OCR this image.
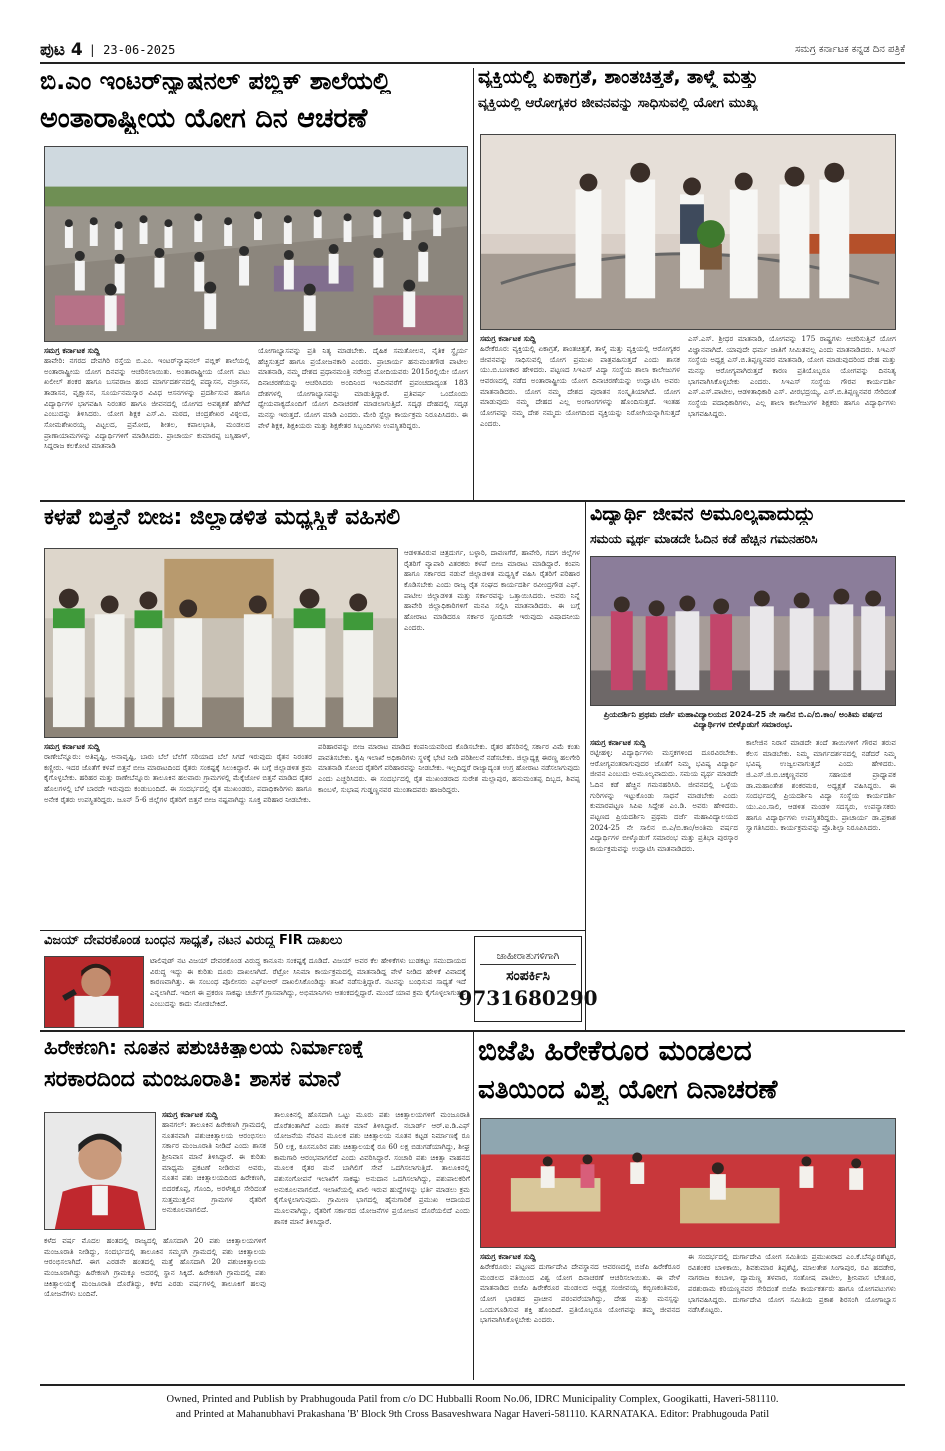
ಪುಟ 4 | 23-06-2025	ಸಮಗ್ರ ಕರ್ನಾಟಕ ಕನ್ನಡ ದಿನ ಪತ್ರಿಕೆ
ಬಿ.ಎಂ ಇಂಟರ್‌ನ್ಯಾಷನಲ್ ಪಬ್ಲಿಕ್ ಶಾಲೆಯಲ್ಲಿ
ಅಂತಾರಾಷ್ಟ್ರೀಯ ಯೋಗ ದಿನ ಆಚರಣೆ
ಸಮಗ್ರ ಕರ್ನಾಟಕ ಸುದ್ದಿ
ಹಾವೇರಿ: ನಗರದ ದೇವಗಿರಿ ರಸ್ತೆಯ ಬಿ.ಎಂ. ಇಂಟರ್‌ನ್ಯಾಷನಲ್ ಪಬ್ಲಿಕ್ ಶಾಲೆಯಲ್ಲಿ ಅಂತಾರಾಷ್ಟ್ರೀಯ ಯೋಗ ದಿನವನ್ನು ಆಚರಿಸಲಾಯಿತು. ಅಂತಾರಾಷ್ಟ್ರೀಯ ಯೋಗ ಪಟು ಖಲೀಲ್ ಶಂಕರ ಹಾಗೂ ಬಸವರಾಜ ಹಂದ ಮಾರ್ಗದರ್ಶನದಲ್ಲಿ ಪದ್ಮಾಸನ, ವಜ್ರಾಸನ, ತಾಡಾಸನ, ವೃಕ್ಷಾಸನ, ಸೂರ್ಯನಮಸ್ಕಾರ ವಿವಿಧ ಆಸನಗಳನ್ನು ಪ್ರದರ್ಶಿಸುವ ಹಾಗೂ ವಿದ್ಯಾರ್ಥಿಗಳ ಭಾಗವಹಿಸಿ ನಿರಂತರ ಹಾಗೂ ಜೀವನದಲ್ಲಿ ಯೋಗದ ಅವಶ್ಯಕತೆ ಹೇಗಿದೆ ಎಂಬುದನ್ನು ತಿಳಿಸಿದರು. ಯೋಗ ಶಿಕ್ಷಕ ಎಸ್.ವಿ. ಮಠದ, ಚಂದ್ರಶೇಖರ ವಿಠ್ಠಲದ, ಸೋಮಶೇಖರಯ್ಯ ವಿಟ್ಟಲದ, ಪ್ರಮೋದ, ಶೀತಲ, ಕಪಾಲಭಾತಿ, ಮಂಡಲದ ಪ್ರಾಣಾಯಾಮಗಳನ್ನು ವಿದ್ಯಾರ್ಥಿಗಳಿಗೆ ಮಾಡಿಸಿದರು. ಪ್ರಾಚಾರ್ಯ ಕುಮಾರಪ್ಪ ಬಸ್ಸಿಹಾಳ್, ಸಿದ್ದರಾಜ ಕಲಕೋಟಿ ಮಾತನಾಡಿ
ಯೋಗಾಭ್ಯಾಸವನ್ನು ಪ್ರತಿ ನಿತ್ಯ ಮಾಡಬೇಕು. ದೈಹಿಕ ಸಮತೋಲನ, ನೈತಿಕ ಸ್ಥೈರ್ಯ ಹೆಚ್ಚಿಸುತ್ತದೆ ಹಾಗೂ ಪ್ರಯೋಜನಕಾರಿ ಎಂದರು. ಪ್ರಾಚಾರ್ಯ ಹನುಮಂತಗೌಡ ಪಾಟೀಲ ಮಾತನಾಡಿ, ನಮ್ಮ ದೇಶದ ಪ್ರಧಾನಮಂತ್ರಿ ನರೇಂದ್ರ ಮೋದಿಯವರು 2015ರಲ್ಲಿಯೇ ಯೋಗ ದಿನಾಚರಣೆಯನ್ನು ಆಚರಿಸಿದರು ಅಂದಿನಿಂದ ಇಂದಿನವರೆಗೆ ಪ್ರಪಂಚದಾದ್ಯಂತ 183 ದೇಶಗಳಲ್ಲಿ ಯೋಗಾಭ್ಯಾಸವನ್ನು ಮಾಡುತ್ತಿದ್ದಾರೆ. ಪ್ರತಿವರ್ಷ ಒಂದೊಂದು ಧ್ಯೇಯವಾಕ್ಯದೊಂದಿಗೆ ಯೋಗ ದಿನಾಚರಣೆ ಮಾಡಲಾಗುತ್ತಿದೆ. ಸದೃಢ ದೇಹದಲ್ಲಿ ಸದೃಢ ಮನಸ್ಸು ಇರುತ್ತದೆ. ಯೋಗ ಮಾಡಿ ಎಂದರು. ಮೇರಿ ಸ್ಟೆಲ್ಲಾ ಕಾರ್ಯಕ್ರಮ ನಿರೂಪಿಸಿದರು. ಈ ವೇಳೆ ಶಿಕ್ಷಕ, ಶಿಕ್ಷಕಿಯರು ಮತ್ತು ಶಿಕ್ಷಕೇತರ ಸಿಬ್ಬಂದಿಗಳು ಉಪಸ್ಥಿತರಿದ್ದರು.
ವ್ಯಕ್ತಿಯಲ್ಲಿ ಏಕಾಗ್ರತೆ, ಶಾಂತಚಿತ್ತತೆ, ತಾಳ್ಮೆ ಮತ್ತು
ವ್ಯಕ್ತಿಯಲ್ಲಿ ಆರೋಗ್ಯಕರ ಜೀವನವನ್ನು ಸಾಧಿಸುವಲ್ಲಿ ಯೋಗ ಮುಖ್ಯ
ಸಮಗ್ರ ಕರ್ನಾಟಕ ಸುದ್ದಿ
ಹಿರೇಕೆರೂರ: ವ್ಯಕ್ತಿಯಲ್ಲಿ ಏಕಾಗ್ರತೆ, ಶಾಂತಚಿತ್ತತೆ, ತಾಳ್ಮೆ ಮತ್ತು ವ್ಯಕ್ತಿಯಲ್ಲಿ ಆರೋಗ್ಯಕರ ಜೀವನವನ್ನು ಸಾಧಿಸುವಲ್ಲಿ ಯೋಗ ಪ್ರಮುಖ ಪಾತ್ರವಹಿಸುತ್ತದೆ ಎಂದು ಶಾಸಕ ಯು.ಬಿ.ಬಣಕಾರ ಹೇಳಿದರು. ಪಟ್ಟಣದ ಸಿಇಎಸ್ ವಿದ್ಯಾ ಸಂಸ್ಥೆಯ ಶಾಲಾ ಕಾಲೇಜುಗಳ ಆವರಣದಲ್ಲಿ ನಡೆದ ಅಂತಾರಾಷ್ಟ್ರೀಯ ಯೋಗ ದಿನಾಚರಣೆಯನ್ನು ಉದ್ಘಾಟಿಸಿ ಅವರು ಮಾತನಾಡಿದರು. ಯೋಗ ನಮ್ಮ ದೇಶದ ಪುರಾತನ ಸಂಸ್ಕೃತಿಯಾಗಿದೆ. ಯೋಗ ಮಾಡುವುದು ನಮ್ಮ ದೇಹದ ಎಲ್ಲ ಅಂಗಾಂಗಗಳನ್ನು ಹೊಂದಿಸುತ್ತದೆ. ಇಂತಹ ಯೋಗವನ್ನು ನಮ್ಮ ದೇಶ ನಮ್ಮದು ಯೋಗದಿಂದ ವ್ಯಕ್ತಿಯನ್ನು ನಿರೋಗಿಯನ್ನಾಗಿಸುತ್ತದೆ ಎಂದರು.
ಎಸ್.ಎಸ್. ಶ್ರೀಧರ ಮಾತನಾಡಿ, ಯೋಗವನ್ನು 175 ರಾಷ್ಟ್ರಗಳು ಆಚರಿಸುತ್ತಿವೆ ಯೋಗ ವಿಜ್ಞಾನವಾಗಿದೆ. ಯಾವುದೇ ಧರ್ಮ ಜಾತಿಗೆ ಸೀಮಿತವಲ್ಲ ಎಂದು ಮಾತನಾಡಿದರು. ಸಿಇಎಸ್ ಸಂಸ್ಥೆಯ ಅಧ್ಯಕ್ಷ ಎಸ್.ಬಿ.ತಿಪ್ಪಣ್ಣನವರ ಮಾತನಾಡಿ, ಯೋಗ ಮಾಡುವುದರಿಂದ ದೇಹ ಮತ್ತು ಮನಸ್ಸು ಆರೋಗ್ಯವಾಗಿರುತ್ತದೆ ಕಾರಣ ಪ್ರತಿಯೊಬ್ಬರೂ ಯೋಗವನ್ನು ದಿನನಿತ್ಯ ಭಾಗವಾಗಿಸಿಕೊಳ್ಳಬೇಕು ಎಂದರು. ಸಿಇಎಸ್ ಸಂಸ್ಥೆಯ ಗೌರವ ಕಾರ್ಯದರ್ಶಿ ಎಸ್.ಎಸ್.ಪಾಟೀಲ, ಆಡಳಿತಾಧಿಕಾರಿ ಎಸ್. ವೀರಭದ್ರಯ್ಯ, ಎಸ್.ಬಿ.ತಿಪ್ಪಣ್ಣನವರ ಸೇರಿದಂತೆ ಸಂಸ್ಥೆಯ ಪದಾಧಿಕಾರಿಗಳು, ಎಲ್ಲ ಶಾಲಾ ಕಾಲೇಜುಗಳ ಶಿಕ್ಷಕರು ಹಾಗೂ ವಿದ್ಯಾರ್ಥಿಗಳು ಭಾಗವಹಿಸಿದ್ದರು.
ಕಳಪೆ ಬಿತ್ತನೆ ಬೀಜ: ಜಿಲ್ಲಾಡಳಿತ ಮಧ್ಯಸ್ಥಿಕೆ ವಹಿಸಲಿ
ಆಡಳಿತವಿರುವ ಚಿತ್ರದುರ್ಗ, ಬಳ್ಳಾರಿ, ದಾವಣಗೆರೆ, ಹಾವೇರಿ, ಗದಗ ಜಿಲ್ಲೆಗಳ ರೈತರಿಗೆ ವ್ಯಾಪಾರಿ ವಿತರಕರು ಕಳಪೆ ಬೀಜ ಮಾರಾಟ ಮಾಡಿದ್ದಾರೆ. ಕಂಪನಿ ಹಾಗೂ ಸರ್ಕಾರದ ನಡುವೆ ಜಿಲ್ಲಾಡಳಿತ ಮಧ್ಯಸ್ಥಿಕೆ ವಹಿಸಿ ರೈತರಿಗೆ ಪರಿಹಾರ ಕೊಡಿಸಬೇಕು ಎಂದು ರಾಜ್ಯ ರೈತ ಸಂಘದ ಕಾರ್ಯದರ್ಶಿ ರವೀಂದ್ರಗೌಡ ಎಫ್. ಪಾಟೀಲ ಜಿಲ್ಲಾಡಳಿತ ಮತ್ತು ಸರ್ಕಾರವನ್ನು ಒತ್ತಾಯಿಸಿದರು. ಅವರು ನಿನ್ನೆ ಹಾವೇರಿ ಜಿಲ್ಲಾಧಿಕಾರಿಗಳಿಗೆ ಮನವಿ ಸಲ್ಲಿಸಿ ಮಾತನಾಡಿದರು. ಈ ಬಗ್ಗೆ ಹೋರಾಟ ಮಾಡಿದರೂ ಸರ್ಕಾರ ಸ್ಪಂದಿಸದೇ ಇರುವುದು ವಿಷಾದನೀಯ ಎಂದರು.
ಸಮಗ್ರ ಕರ್ನಾಟಕ ಸುದ್ದಿ
ರಾಣೇಬೆನ್ನೂರು: ಅತಿವೃಷ್ಟಿ, ಅನಾವೃಷ್ಟಿ, ಬಾರು ಬೆಲೆ ಬೆಲೆಗೆ ಸರಿಯಾದ ಬೆಲೆ ಸಿಗದೆ ಇರುವುದು ರೈತನ ನಿರಂತರ ಕಣ್ಣೀರು. ಇದರ ಜೊತೆಗೆ ಕಳಪೆ ಬಿತ್ತನೆ ಬೀಜ ಮಾರಾಟದಿಂದ ರೈತರು ಸಂಕಷ್ಟಕ್ಕೆ ಸಿಲುಕಿದ್ದಾರೆ. ಈ ಬಗ್ಗೆ ಜಿಲ್ಲಾಡಳಿತ ಕ್ರಮ ಕೈಗೊಳ್ಳಬೇಕು. ಹರಿಹರ ಮತ್ತು ರಾಣೇಬೆನ್ನೂರು ತಾಲೂಕಿನ ಹಲವಾರು ಗ್ರಾಮಗಳಲ್ಲಿ ಮೆಕ್ಕೆಜೋಳ ಬಿತ್ತನೆ ಮಾಡಿದ ರೈತರ ಹೊಲಗಳಲ್ಲಿ ಬೆಳೆ ಬಾರದೇ ಇರುವುದು ಕಂಡುಬಂದಿದೆ. ಈ ಸಂದರ್ಭದಲ್ಲಿ ರೈತ ಮುಖಂಡರು, ಪದಾಧಿಕಾರಿಗಳು ಹಾಗೂ ಅನೇಕ ರೈತರು ಉಪಸ್ಥಿತರಿದ್ದರು. ಜೂನ್ 5-6 ಜಿಲ್ಲೆಗಳ ರೈತರಿಗೆ ಬಿತ್ತನೆ ಬೀಜ ನಷ್ಟವಾಗಿದ್ದು ಸೂಕ್ತ ಪರಿಹಾರ ನೀಡಬೇಕು.
ಪರಿಹಾರವನ್ನು ಬೀಜ ಮಾರಾಟ ಮಾಡಿದ ಕಂಪನಿಯವರಿಂದ ಕೊಡಿಸಬೇಕು. ರೈತರ ಹೆಸರಿನಲ್ಲಿ ಸರ್ಕಾರ ವಿಮೆ ಕಂತು ಪಾವತಿಸಬೇಕು. ಕೃಷಿ ಇಲಾಖೆ ಅಧಿಕಾರಿಗಳು ಸ್ಥಳಕ್ಕೆ ಭೇಟಿ ನೀಡಿ ಪರಿಶೀಲನೆ ನಡೆಸಬೇಕು. ಜಿಲ್ಲಾಧ್ಯಕ್ಷ ಈರಣ್ಣ ಹಲಗೇರಿ ಮಾತನಾಡಿ ಸೋಂದ ರೈತರಿಗೆ ಪರಿಹಾರವನ್ನು ನೀಡಬೇಕು. ಇಲ್ಲದಿದ್ದರೆ ರಾಜ್ಯಾದ್ಯಂತ ಉಗ್ರ ಹೋರಾಟ ನಡೆಸಲಾಗುವುದು ಎಂದು ಎಚ್ಚರಿಸಿದರು. ಈ ಸಂದರ್ಭದಲ್ಲಿ ರೈತ ಮುಖಂಡರಾದ ಸುರೇಶ ಮಲ್ಲಾಪುರ, ಹನುಮಂತಪ್ಪ ದಿಬ್ಬದ, ಶಿವಪ್ಪ ಕಾಂಬಳೆ, ಸುಭಾಷ ಗುಡ್ಡಣ್ಣನವರ ಮುಂತಾದವರು ಹಾಜರಿದ್ದರು.
ವಿದ್ಯಾರ್ಥಿ ಜೀವನ ಅಮೂಲ್ಯವಾದುದ್ದು
ಸಮಯ ವ್ಯರ್ಥ ಮಾಡದೇ ಓದಿನ ಕಡೆ ಹೆಚ್ಚಿನ ಗಮನಹರಿಸಿ
ಪ್ರಿಯದರ್ಶಿನಿ ಪ್ರಥಮ ದರ್ಜೆ ಮಹಾವಿದ್ಯಾಲಯದ 2024-25 ನೇ ಸಾಲಿನ ಬಿ.ಎ/ಬಿ.ಕಾಂ/ ಅಂತಿಮ ವರ್ಷದ ವಿದ್ಯಾರ್ಥಿಗಳ ಬೀಳ್ಕೊಡುಗೆ ಸಮಾರಂಭ.
ಸಮಗ್ರ ಕರ್ನಾಟಕ ಸುದ್ದಿ
ರಟ್ಟೀಹಳ್ಳಿ: ವಿದ್ಯಾರ್ಥಿಗಳು ಮಸ್ತಕಗಳಿಂದ ದೂರವಿರಬೇಕು. ಆರೋಗ್ಯವಂತರಾಗುವುದರ ಜೊತೆಗೆ ನಿಮ್ಮ ಭವಿಷ್ಯ ವಿದ್ಯಾರ್ಥಿ ಜೀವನ ಎಂಬುದು ಅಮೂಲ್ಯವಾದುದು. ಸಮಯ ವ್ಯರ್ಥ ಮಾಡದೇ ಓದಿನ ಕಡೆ ಹೆಚ್ಚಿನ ಗಮನಹರಿಸಿರಿ. ಜೀವನದಲ್ಲಿ ಒಳ್ಳೆಯ ಗುರಿಗಳನ್ನು ಇಟ್ಟುಕೊಂಡು ಸಾಧನೆ ಮಾಡಬೇಕು ಎಂದು ಕುಮಾರಪಟ್ಟಣ ಸಿಪಿಐ ಸಿದ್ದೇಶ ಎಂ.ಡಿ. ಅವರು ಹೇಳಿದರು. ಪಟ್ಟಣದ ಪ್ರಿಯದರ್ಶಿನಿ ಪ್ರಥಮ ದರ್ಜೆ ಮಹಾವಿದ್ಯಾಲಯದ 2024-25 ನೇ ಸಾಲಿನ ಬಿ.ಎ/ಬಿ.ಕಾಂ/ಅಂತಿಮ ವರ್ಷದ ವಿದ್ಯಾರ್ಥಿಗಳ ಬೀಳ್ಕೊಡುಗೆ ಸಮಾರಂಭ ಮತ್ತು ಪ್ರತಿಭಾ ಪುರಸ್ಕಾರ ಕಾರ್ಯಕ್ರಮವನ್ನು ಉದ್ಘಾಟಿಸಿ ಮಾತನಾಡಿದರು.
ಕಾಲೇಜಿನ ನಿರಾಸೆ ಮಾಡದೇ ತಂದೆ ತಾಯಿಗಳಿಗೆ ಗೌರವ ತರುವ ಕೆಲಸ ಮಾಡಬೇಕು. ನಿಮ್ಮ ಮಾರ್ಗದರ್ಶನದಲ್ಲಿ ನಡೆದರೆ ನಿಮ್ಮ ಭವಿಷ್ಯ ಉಜ್ವಲವಾಗುತ್ತದೆ ಎಂದು ಹೇಳಿದರು. ಜಿ.ಎಸ್.ಜಿ.ಬಿ.ಚಿಕ್ಕಣ್ಣನವರ ಸಹಾಯಕ ಪ್ರಾಧ್ಯಾಪಕ ಡಾ.ಮಹಾಂತೇಶ ಶಂಕರಮಠ, ಅಧ್ಯಕ್ಷತೆ ವಹಿಸಿದ್ದರು. ಈ ಸಂದರ್ಭದಲ್ಲಿ ಪ್ರಿಯದರ್ಶಿನಿ ವಿದ್ಯಾ ಸಂಸ್ಥೆಯ ಕಾರ್ಯದರ್ಶಿ ಯು.ಎಂ.ಸಾಲಿ, ಆಡಳಿತ ಮಂಡಳಿ ಸದಸ್ಯರು, ಉಪನ್ಯಾಸಕರು ಹಾಗೂ ವಿದ್ಯಾರ್ಥಿಗಳು ಉಪಸ್ಥಿತರಿದ್ದರು. ಪ್ರಾಚಾರ್ಯ ಡಾ.ಪ್ರಕಾಶ ಸ್ವಾಗತಿಸಿದರು. ಕಾರ್ಯಕ್ರಮವನ್ನು ಪ್ರೊ.ಶಿಲ್ಪಾ ನಿರೂಪಿಸಿದರು.
ವಿಜಯ್ ದೇವರಕೊಂಡ ಬಂಧನ ಸಾಧ್ಯತೆ, ನಟನ ವಿರುದ್ಧ FIR ದಾಖಲು
ಟಾಲಿವುಡ್‌ ನಟ ವಿಜಯ್ ದೇವರಕೊಂಡ ವಿರುದ್ಧ ಕಾನೂನು ಸಂಕಷ್ಟಕ್ಕೆ ದೂಡಿದೆ. ವಿಜಯ್ ಅವರ ಕೆಲ ಹೇಳಿಕೆಗಳು ಬುಡಕಟ್ಟು ಸಮುದಾಯದ ವಿರುದ್ಧ ಇದ್ದು ಈ ಕುರಿತು ದೂರು ದಾಖಲಾಗಿದೆ. ರೆಟ್ರೋ ಸಿನಿಮಾ ಕಾರ್ಯಕ್ರಮದಲ್ಲಿ ಮಾತನಾಡಿದ್ದ ವೇಳೆ ನೀಡಿದ ಹೇಳಿಕೆ ವಿವಾದಕ್ಕೆ ಕಾರಣವಾಗಿತ್ತು. ಈ ಸಂಬಂಧ ಪೊಲೀಸರು ಎಫ್‌ಐಆರ್ ದಾಖಲಿಸಿಕೊಂಡಿದ್ದು ತನಿಖೆ ನಡೆಸುತ್ತಿದ್ದಾರೆ. ನಟನನ್ನು ಬಂಧಿಸುವ ಸಾಧ್ಯತೆ ಇದೆ ಎನ್ನಲಾಗಿದೆ. ಇದೀಗ ಈ ಪ್ರಕರಣ ಸಾಕಷ್ಟು ಚರ್ಚೆಗೆ ಗ್ರಾಸವಾಗಿದ್ದು, ಅಭಿಮಾನಿಗಳು ಆತಂಕದಲ್ಲಿದ್ದಾರೆ. ಮುಂದೆ ಯಾವ ಕ್ರಮ ಕೈಗೊಳ್ಳಲಾಗುತ್ತದೆ ಎಂಬುದನ್ನು ಕಾದು ನೋಡಬೇಕಿದೆ.
ಜಾಹೀರಾತುಗಳಿಗಾಗಿ
ಸಂಪರ್ಕಿಸಿ
9731680290
ಹಿರೇಕಣಗಿ: ನೂತನ ಪಶುಚಿಕಿತ್ಸಾಲಯ ನಿರ್ಮಾಣಕ್ಕೆ
ಸರಕಾರದಿಂದ ಮಂಜೂರಾತಿ: ಶಾಸಕ ಮಾನೆ
ಸಮಗ್ರ ಕರ್ನಾಟಕ ಸುದ್ದಿ
ಹಾನಗಲ್: ತಾಲೂಕಿನ ಹಿರೇಕಣಗಿ ಗ್ರಾಮದಲ್ಲಿ ನೂತನವಾಗಿ ಪಶುಚಿಕಿತ್ಸಾಲಯ ಆರಂಭಿಸಲು ಸರ್ಕಾರ ಮಂಜೂರಾತಿ ನೀಡಿದೆ ಎಂದು ಶಾಸಕ ಶ್ರೀನಿವಾಸ ಮಾನೆ ತಿಳಿಸಿದ್ದಾರೆ. ಈ ಕುರಿತು ಮಾಧ್ಯಮ ಪ್ರಕಟಣೆ ನೀಡಿರುವ ಅವರು, ನೂತನ ಪಶು ಚಿಕಿತ್ಸಾಲಯದಿಂದ ಹಿರೇಕಣಗಿ, ಬಿದರಕೊಪ್ಪ, ಗೊಂದಿ, ಅರಳೇಶ್ವರ ಸೇರಿದಂತೆ ಸುತ್ತಮುತ್ತಲಿನ ಗ್ರಾಮಗಳ ರೈತರಿಗೆ ಅನುಕೂಲವಾಗಲಿದೆ.
ಕಳೆದ ವರ್ಷ ಮೊದಲ ಹಂತದಲ್ಲಿ ರಾಜ್ಯದಲ್ಲಿ ಹೊಸದಾಗಿ 20 ಪಶು ಚಿಕಿತ್ಸಾಲಯಗಳಿಗೆ ಮಂಜೂರಾತಿ ನೀಡಿದ್ದು, ಸಂದರ್ಭದಲ್ಲಿ ತಾಲೂಕಿನ ಸಮ್ಮಸಗಿ ಗ್ರಾಮದಲ್ಲಿ ಪಶು ಚಿಕಿತ್ಸಾಲಯ ಆರಂಭಿಸಲಾಗಿದೆ. ಈಗ ಎರಡನೇ ಹಂತದಲ್ಲಿ ಮತ್ತೆ ಹೊಸದಾಗಿ 20 ಪಶುಚಿಕಿತ್ಸಾಲಯ ಮಂಜೂರಾಗಿದ್ದು ಹಿರೇಕಣಗಿ ಗ್ರಾಮಕ್ಕೂ ಅದರಲ್ಲಿ ಸ್ಥಾನ ಸಿಕ್ಕಿದೆ. ಹಿರೇಕಣಗಿ ಗ್ರಾಮದಲ್ಲಿ ಪಶು ಚಿಕಿತ್ಸಾಲಯಕ್ಕೆ ಮಂಜೂರಾತಿ ದೊರೆತಿದ್ದು, ಕಳೆದ ಎರಡು ವರ್ಷಗಳಲ್ಲಿ ತಾಲೂಕಿಗೆ ಹಲವು ಯೋಜನೆಗಳು ಬಂದಿವೆ.
ತಾಲೂಕಿನಲ್ಲಿ ಹೊಸದಾಗಿ ಒಟ್ಟು ಮೂರು ಪಶು ಚಿಕಿತ್ಸಾಲಯಗಳಿಗೆ ಮಂಜೂರಾತಿ ದೊರೆತಂತಾಗಿದೆ ಎಂದು ಶಾಸಕ ಮಾನೆ ತಿಳಿಸಿದ್ದಾರೆ. ನಬಾರ್ಡ್ ಆರ್.ಐ.ಡಿ.ಎಫ್ ಯೋಜನೆಯ ನೆರವಿನ ಮೂಲಕ ಪಶು ಚಿಕಿತ್ಸಾಲಯ ನೂತನ ಕಟ್ಟಡ ನಿರ್ಮಾಣಕ್ಕೆ ರೂ 50 ಲಕ್ಷ, ಕೂಸನೂರಿನ ಪಶು ಚಿಕಿತ್ಸಾಲಯಕ್ಕೆ ರೂ 60 ಲಕ್ಷ ಬಿಡುಗಡೆಯಾಗಿದ್ದು, ಶೀಘ್ರ ಕಾಮಗಾರಿ ಆರಂಭವಾಗಲಿದೆ ಎಂದು ವಿವರಿಸಿದ್ದಾರೆ. ಸಂಚಾರಿ ಪಶು ಚಿಕಿತ್ಸಾ ವಾಹನದ ಮೂಲಕ ರೈತರ ಮನೆ ಬಾಗಿಲಿಗೆ ಸೇವೆ ಒದಗಿಸಲಾಗುತ್ತಿದೆ. ತಾಲೂಕಿನಲ್ಲಿ ಪಶುಸಂಗೋಪನೆ ಇಲಾಖೆಗೆ ಸಾಕಷ್ಟು ಅನುದಾನ ಒದಗಿಸಲಾಗಿದ್ದು, ಪಶುಪಾಲಕರಿಗೆ ಅನುಕೂಲವಾಗಲಿದೆ. ಇಲಾಖೆಯಲ್ಲಿ ಖಾಲಿ ಇರುವ ಹುದ್ದೆಗಳನ್ನು ಭರ್ತಿ ಮಾಡಲು ಕ್ರಮ ಕೈಗೊಳ್ಳಲಾಗುವುದು. ಗ್ರಾಮೀಣ ಭಾಗದಲ್ಲಿ ಹೈನುಗಾರಿಕೆ ಪ್ರಮುಖ ಆದಾಯದ ಮೂಲವಾಗಿದ್ದು, ರೈತರಿಗೆ ಸರ್ಕಾರದ ಯೋಜನೆಗಳ ಪ್ರಯೋಜನ ದೊರೆಯಲಿದೆ ಎಂದು ಶಾಸಕ ಮಾನೆ ತಿಳಿಸಿದ್ದಾರೆ.
ಬಿಜೆಪಿ ಹಿರೇಕೆರೂರ ಮಂಡಲದ
ವತಿಯಿಂದ ವಿಶ್ವ ಯೋಗ ದಿನಾಚರಣೆ
ಸಮಗ್ರ ಕರ್ನಾಟಕ ಸುದ್ದಿ
ಹಿರೇಕೆರೂರು: ಪಟ್ಟಣದ ದುರ್ಗಾದೇವಿ ದೇವಸ್ಥಾನದ ಆವರಣದಲ್ಲಿ ಬಿಜೆಪಿ ಹಿರೇಕೆರೂರ ಮಂಡಲದ ವತಿಯಿಂದ ವಿಶ್ವ ಯೋಗ ದಿನಾಚರಣೆ ಆಚರಿಸಲಾಯಿತು. ಈ ವೇಳೆ ಮಾತನಾಡಿದ ಬಿಜೆಪಿ ಹಿರೇಕೆರೂರ ಮಂಡಲದ ಅಧ್ಯಕ್ಷ ಸಂಜೀವಯ್ಯ ಕಬ್ಬಿಣಕಂತಿಮಠ, ಯೋಗ ಭಾರತದ ಪ್ರಾಚೀನ ಪರಂಪರೆಯಾಗಿದ್ದು, ದೇಹ ಮತ್ತು ಮನಸ್ಸನ್ನು ಒಂದುಗೂಡಿಸುವ ಶಕ್ತಿ ಹೊಂದಿದೆ. ಪ್ರತಿಯೊಬ್ಬರೂ ಯೋಗವನ್ನು ತಮ್ಮ ಜೀವನದ ಭಾಗವಾಗಿಸಿಕೊಳ್ಳಬೇಕು ಎಂದರು.
ಈ ಸಂದರ್ಭದಲ್ಲಿ ದುರ್ಗಾದೇವಿ ಯೋಗ ಸಮಿತಿಯ ಪ್ರಮುಖರಾದ ಎಂ.ಕೆ.ಬೆನ್ನೂರಶೆಟ್ಟರ, ರವಿಶಂಕರ ಬಾಳಿಕಾಯಿ, ಶಿವಕುಮಾರ ತಿಪ್ಪಶೆಟ್ಟಿ, ಮಾಲತೇಶ ಸಿಂಗಾಪುರ, ರವಿ ಹದಡೇರ, ನಾಗರಾಜ ಕಂಬಾಳಿ, ದ್ಯಾಮಣ್ಣ ತಳವಾರ, ಸಂತೋಷ ಪಾಟೀಲ, ಶ್ರೀನಿವಾಸ ಬೇತೂರ, ಪರಶುರಾಮ ಕರಿಯಣ್ಣನವರ ಸೇರಿದಂತೆ ಬಿಜೆಪಿ ಕಾರ್ಯಕರ್ತರು ಹಾಗೂ ಯೋಗಪಟುಗಳು ಭಾಗವಹಿಸಿದ್ದರು. ದುರ್ಗಾದೇವಿ ಯೋಗ ಸಮಿತಿಯ ಪ್ರಕಾಶ ಶಿರಸಂಗಿ ಯೋಗಾಭ್ಯಾಸ ನಡೆಸಿಕೊಟ್ಟರು.
Owned, Printed and Publish by Prabhugouda Patil from c/o DC Hubballi Room No.06, IDRC Municipality Complex, Googikatti, Haveri-581110.
and Printed at Mahanubhavi Prakashana 'B' Block 9th Cross Basaveshwara Nagar Haveri-581110. KARNATAKA. Editor: Prabhugouda Patil
